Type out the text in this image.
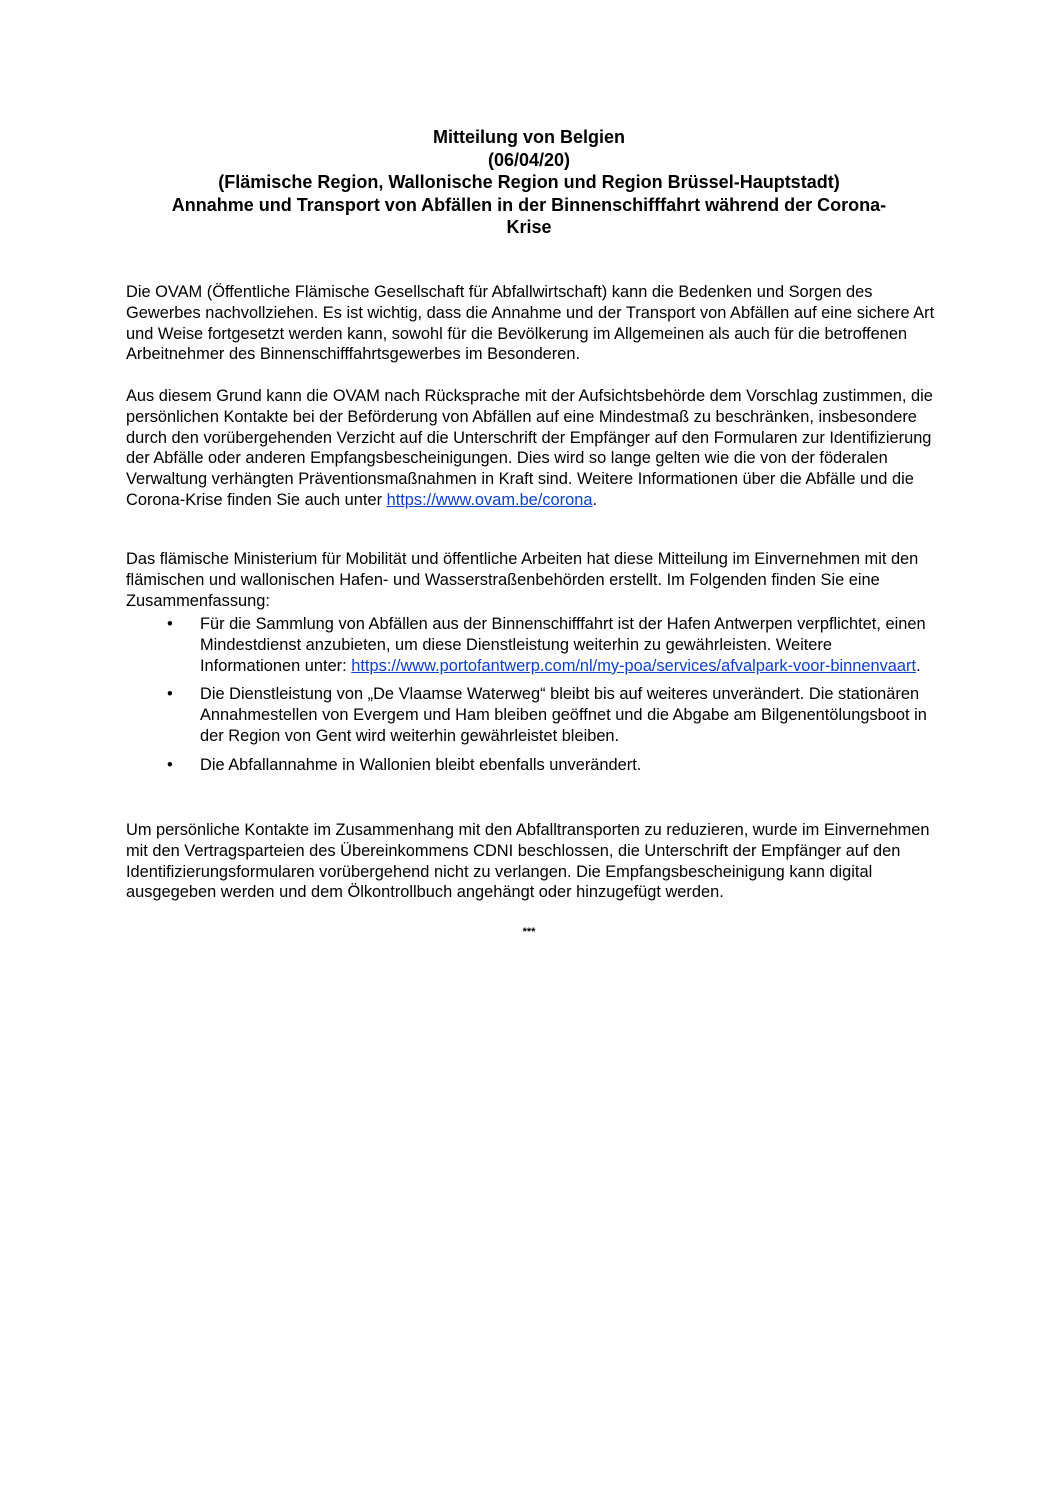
Mitteilung von Belgien
(06/04/20)
(Flämische Region, Wallonische Region und Region Brüssel-Hauptstadt)
Annahme und Transport von Abfällen in der Binnenschifffahrt während der Corona-
Krise

Die OVAM (Öffentliche Flämische Gesellschaft für Abfallwirtschaft) kann die Bedenken und Sorgen des Gewerbes nachvollziehen. Es ist wichtig, dass die Annahme und der Transport von Abfällen auf eine sichere Art und Weise fortgesetzt werden kann, sowohl für die Bevölkerung im Allgemeinen als auch für die betroffenen Arbeitnehmer des Binnenschifffahrtsgewerbes im Besonderen.

Aus diesem Grund kann die OVAM nach Rücksprache mit der Aufsichtsbehörde dem Vorschlag zustimmen, die persönlichen Kontakte bei der Beförderung von Abfällen auf eine Mindestmaß zu beschränken, insbesondere durch den vorübergehenden Verzicht auf die Unterschrift der Empfänger auf den Formularen zur Identifizierung der Abfälle oder anderen Empfangsbescheinigungen. Dies wird so lange gelten wie die von der föderalen Verwaltung verhängten Präventionsmaßnahmen in Kraft sind. Weitere Informationen über die Abfälle und die Corona-Krise finden Sie auch unter https://www.ovam.be/corona.

Das flämische Ministerium für Mobilität und öffentliche Arbeiten hat diese Mitteilung im Einvernehmen mit den flämischen und wallonischen Hafen- und Wasserstraßenbehörden erstellt. Im Folgenden finden Sie eine Zusammenfassung:

• Für die Sammlung von Abfällen aus der Binnenschifffahrt ist der Hafen Antwerpen verpflichtet, einen Mindestdienst anzubieten, um diese Dienstleistung weiterhin zu gewährleisten. Weitere Informationen unter: https://www.portofantwerp.com/nl/my-poa/services/afvalpark-voor-binnenvaart.
• Die Dienstleistung von „De Vlaamse Waterweg“ bleibt bis auf weiteres unverändert. Die stationären Annahmestellen von Evergem und Ham bleiben geöffnet und die Abgabe am Bilgenentölungsboot in der Region von Gent wird weiterhin gewährleistet bleiben.
• Die Abfallannahme in Wallonien bleibt ebenfalls unverändert.

Um persönliche Kontakte im Zusammenhang mit den Abfalltransporten zu reduzieren, wurde im Einvernehmen mit den Vertragsparteien des Übereinkommens CDNI beschlossen, die Unterschrift der Empfänger auf den Identifizierungsformularen vorübergehend nicht zu verlangen. Die Empfangsbescheinigung kann digital ausgegeben werden und dem Ölkontrollbuch angehängt oder hinzugefügt werden.

***
